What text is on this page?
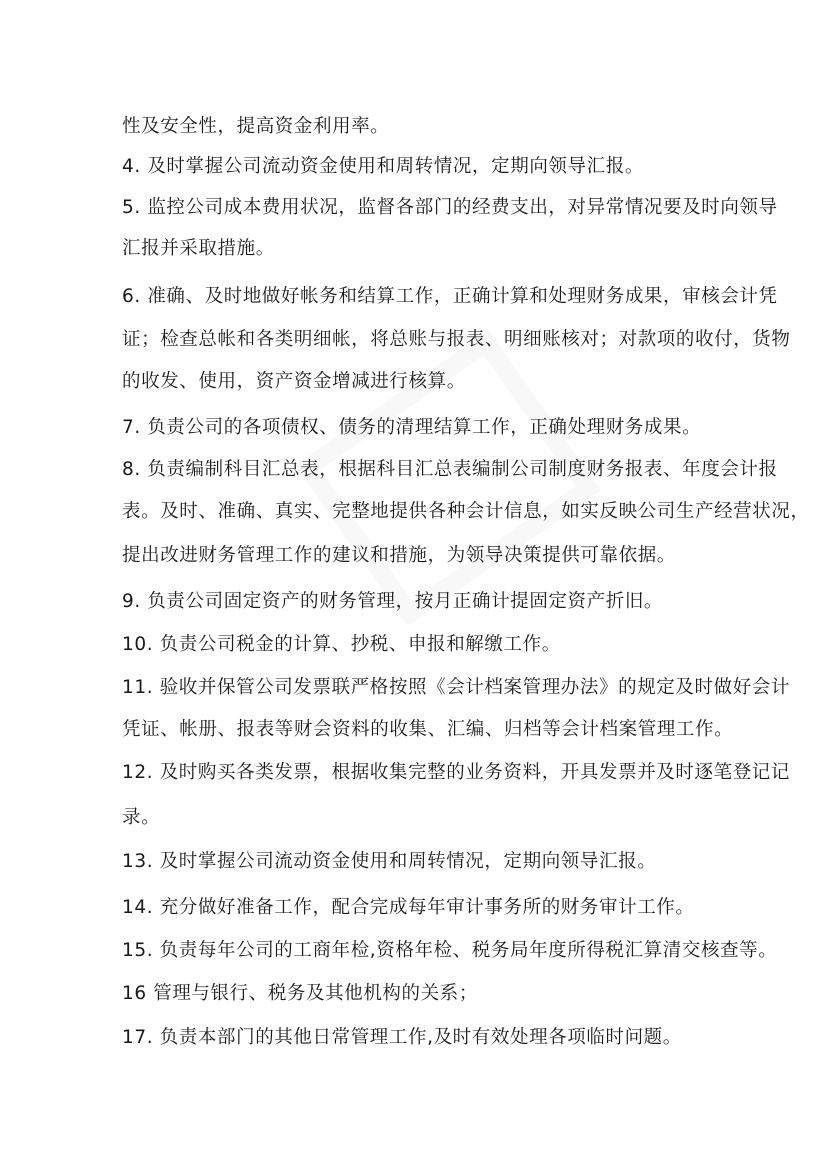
性及安全性，提高资金利用率。
4. 及时掌握公司流动资金使用和周转情况，定期向领导汇报。
5. 监控公司成本费用状况，监督各部门的经费支出，对异常情况要及时向领导
汇报并采取措施。
6. 准确、及时地做好帐务和结算工作，正确计算和处理财务成果，审核会计凭
证；检查总帐和各类明细帐，将总账与报表、明细账核对；对款项的收付，货物
的收发、使用，资产资金增减进行核算。
7. 负责公司的各项债权、债务的清理结算工作，正确处理财务成果。
8. 负责编制科目汇总表，根据科目汇总表编制公司制度财务报表、年度会计报
表。及时、准确、真实、完整地提供各种会计信息，如实反映公司生产经营状况，
提出改进财务管理工作的建议和措施，为领导决策提供可靠依据。
9. 负责公司固定资产的财务管理，按月正确计提固定资产折旧。
10. 负责公司税金的计算、抄税、申报和解缴工作。
11. 验收并保管公司发票联严格按照《会计档案管理办法》的规定及时做好会计
凭证、帐册、报表等财会资料的收集、汇编、归档等会计档案管理工作。
12. 及时购买各类发票，根据收集完整的业务资料，开具发票并及时逐笔登记记
录。
13. 及时掌握公司流动资金使用和周转情况，定期向领导汇报。
14. 充分做好准备工作，配合完成每年审计事务所的财务审计工作。
15. 负责每年公司的工商年检,资格年检、税务局年度所得税汇算清交核查等。
16 管理与银行、税务及其他机构的关系；
17. 负责本部门的其他日常管理工作,及时有效处理各项临时问题。
